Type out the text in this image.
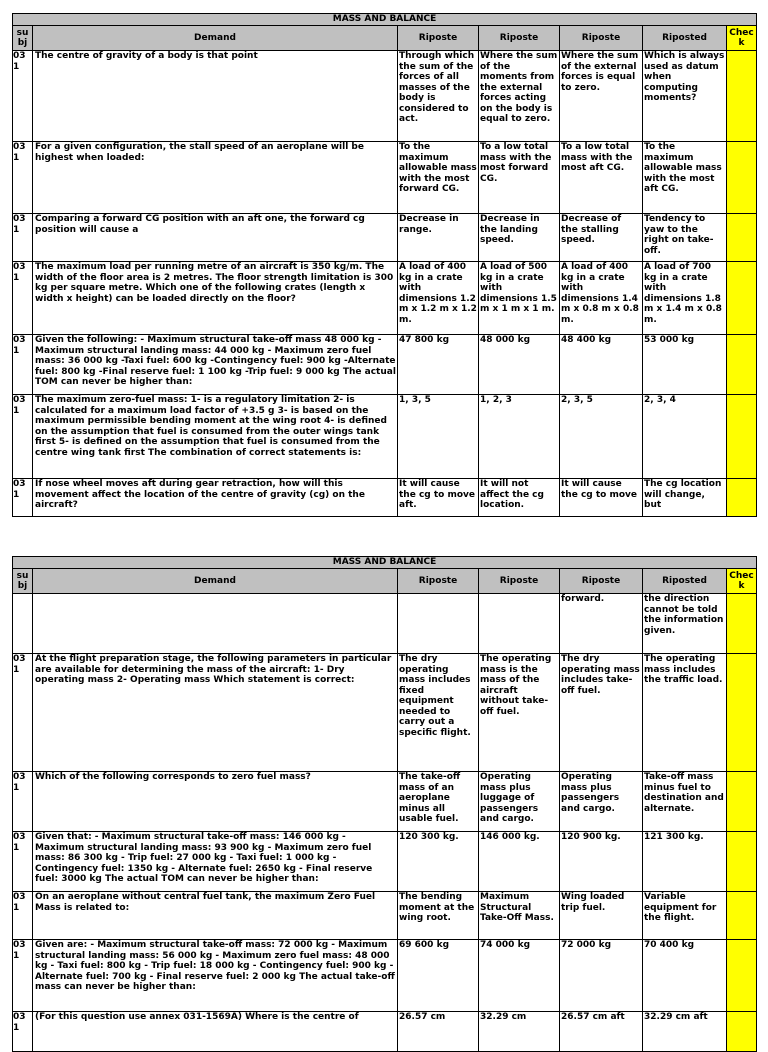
MASS AND BALANCE						
su bj	Demand	Riposte	Riposte	Riposte	Riposted	Chec k
03 1	The centre of gravity of a body is that point	Through which the sum of the forces of all masses of the body is considered to act.	Where the sum of the moments from the external forces acting on the body is equal to zero.	Where the sum of the external forces is equal to zero.	Which is always used as datum when computing moments?	
03 1	For a given configuration, the stall speed of an aeroplane will be highest when loaded:	To the maximum allowable mass with the most forward CG.	To a low total mass with the most forward CG.	To a low total mass with the most aft CG.	To the maximum allowable mass with the most aft CG.	
03 1	Comparing a forward CG position with an aft one, the forward cg position will cause a	Decrease in range.	Decrease in the landing speed.	Decrease of the stalling speed.	Tendency to yaw to the right on take-off.	
03 1	The maximum load per running metre of an aircraft is 350 kg/m. The width of the floor area is 2 metres. The floor strength limitation is 300 kg per square metre. Which one of the following crates (length x width x height) can be loaded directly on the floor?	A load of 400 kg in a crate with dimensions 1.2 m x 1.2 m x 1.2 m.	A load of 500 kg in a crate with dimensions 1.5 m x 1 m x 1 m.	A load of 400 kg in a crate with dimensions 1.4 m x 0.8 m x 0.8 m.	A load of 700 kg in a crate with dimensions 1.8 m x 1.4 m x 0.8 m.	
03 1	Given the following: - Maximum structural take-off mass 48 000 kg - Maximum structural landing mass: 44 000 kg - Maximum zero fuel mass: 36 000 kg -Taxi fuel: 600 kg -Contingency fuel: 900 kg -Alternate fuel: 800 kg -Final reserve fuel: 1 100 kg -Trip fuel: 9 000 kg The actual TOM can never be higher than:	47 800 kg	48 000 kg	48 400 kg	53 000 kg	
03 1	The maximum zero-fuel mass: 1- is a regulatory limitation 2- is calculated for a maximum load factor of +3.5 g 3- is based on the maximum permissible bending moment at the wing root 4- is defined on the assumption that fuel is consumed from the outer wings tank first 5- is defined on the assumption that fuel is consumed from the centre wing tank first The combination of correct statements is:	1, 3, 5	1, 2, 3	2, 3, 5	2, 3, 4	
03 1	If nose wheel moves aft during gear retraction, how will this movement affect the location of the centre of gravity (cg) on the aircraft?	It will cause the cg to move aft.	It will not affect the cg location.	It will cause the cg to move	The cg location will change, but	
MASS AND BALANCE						
su bj	Demand	Riposte	Riposte	Riposte	Riposted	Chec k
				forward.	the direction cannot be told the information given.	
03 1	At the flight preparation stage, the following parameters in particular are available for determining the mass of the aircraft: 1- Dry operating mass 2- Operating mass Which statement is correct:	The dry operating mass includes fixed equipment needed to carry out a specific flight.	The operating mass is the mass of the aircraft without take-off fuel.	The dry operating mass includes take-off fuel.	The operating mass includes the traffic load.	
03 1	Which of the following corresponds to zero fuel mass?	The take-off mass of an aeroplane minus all usable fuel.	Operating mass plus luggage of passengers and cargo.	Operating mass plus passengers and cargo.	Take-off mass minus fuel to destination and alternate.	
03 1	Given that: - Maximum structural take-off mass: 146 000 kg - Maximum structural landing mass: 93 900 kg - Maximum zero fuel mass: 86 300 kg - Trip fuel: 27 000 kg - Taxi fuel: 1 000 kg - Contingency fuel: 1350 kg - Alternate fuel: 2650 kg - Final reserve fuel: 3000 kg The actual TOM can never be higher than:	120 300 kg.	146 000 kg.	120 900 kg.	121 300 kg.	
03 1	On an aeroplane without central fuel tank, the maximum Zero Fuel Mass is related to:	The bending moment at the wing root.	Maximum Structural Take-Off Mass.	Wing loaded trip fuel.	Variable equipment for the flight.	
03 1	Given are: - Maximum structural take-off mass: 72 000 kg - Maximum structural landing mass: 56 000 kg - Maximum zero fuel mass: 48 000 kg - Taxi fuel: 800 kg - Trip fuel: 18 000 kg - Contingency fuel: 900 kg - Alternate fuel: 700 kg - Final reserve fuel: 2 000 kg The actual take-off mass can never be higher than:	69 600 kg	74 000 kg	72 000 kg	70 400 kg	
03 1	(For this question use annex 031-1569A) Where is the centre of	26.57 cm	32.29 cm	26.57 cm aft	32.29 cm aft	
